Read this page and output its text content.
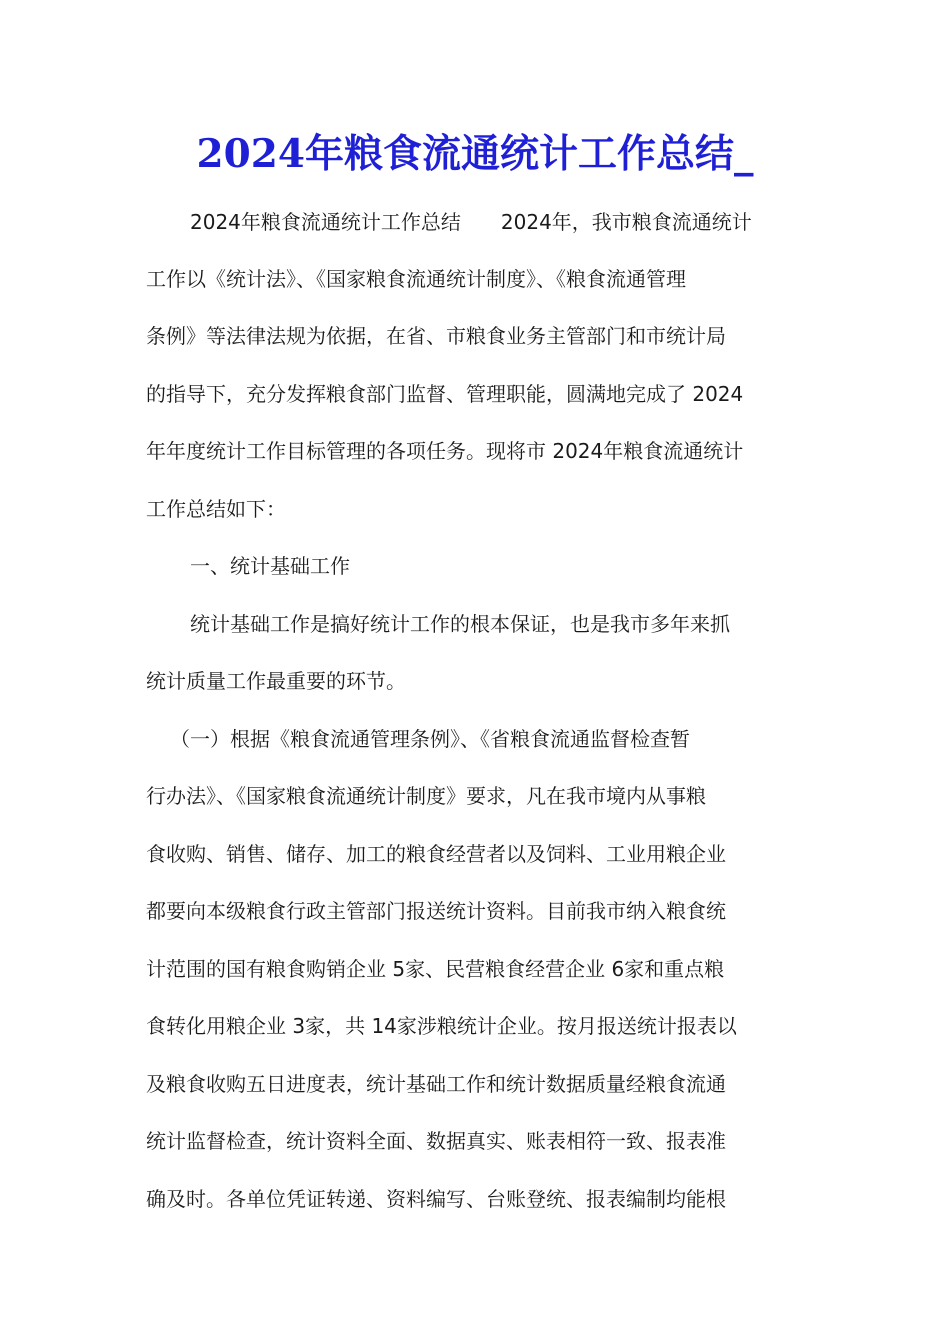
2024年粮食流通统计工作总结_

2024年粮食流通统计工作总结　　2024年，我市粮食流通统计

工作以《统计法》、《国家粮食流通统计制度》、《粮食流通管理

条例》等法律法规为依据，在省、市粮食业务主管部门和市统计局

的指导下，充分发挥粮食部门监督、管理职能，圆满地完成了 2024

年年度统计工作目标管理的各项任务。现将市 2024年粮食流通统计

工作总结如下：

一、统计基础工作

统计基础工作是搞好统计工作的根本保证，也是我市多年来抓

统计质量工作最重要的环节。

（一）根据《粮食流通管理条例》、《省粮食流通监督检查暂

行办法》、《国家粮食流通统计制度》要求，凡在我市境内从事粮

食收购、销售、储存、加工的粮食经营者以及饲料、工业用粮企业

都要向本级粮食行政主管部门报送统计资料。目前我市纳入粮食统

计范围的国有粮食购销企业 5家、民营粮食经营企业 6家和重点粮

食转化用粮企业 3家，共 14家涉粮统计企业。按月报送统计报表以

及粮食收购五日进度表，统计基础工作和统计数据质量经粮食流通

统计监督检查，统计资料全面、数据真实、账表相符一致、报表准

确及时。各单位凭证转递、资料编写、台账登统、报表编制均能根
